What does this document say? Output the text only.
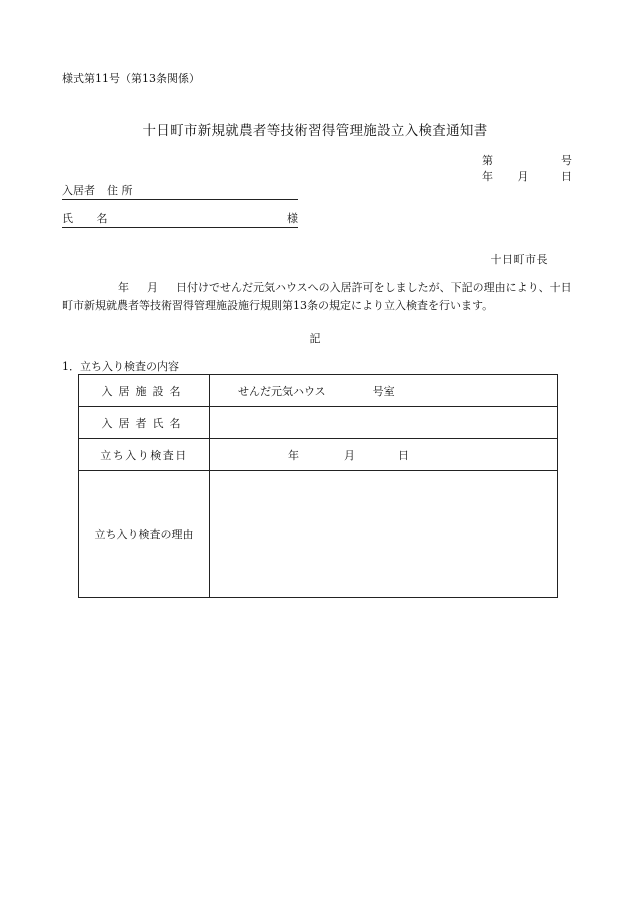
様式第11号（第13条関係）
十日町市新規就農者等技術習得管理施設立入検査通知書
第	号
年 月	日
入居者 住 所
氏 名	様
十日町市長
年 月 日付けでせんだ元気ハウスへの入居許可をしましたが、下記の理由により、十日町市新規就農者等技術習得管理施設施行規則第13条の規定により立入検査を行います。
記
1．立ち入り検査の内容
入居施設名	せんだ元気ハウス 号室
入居者氏名	
立ち入り検査日	年 月 日
立ち入り検査の理由	
